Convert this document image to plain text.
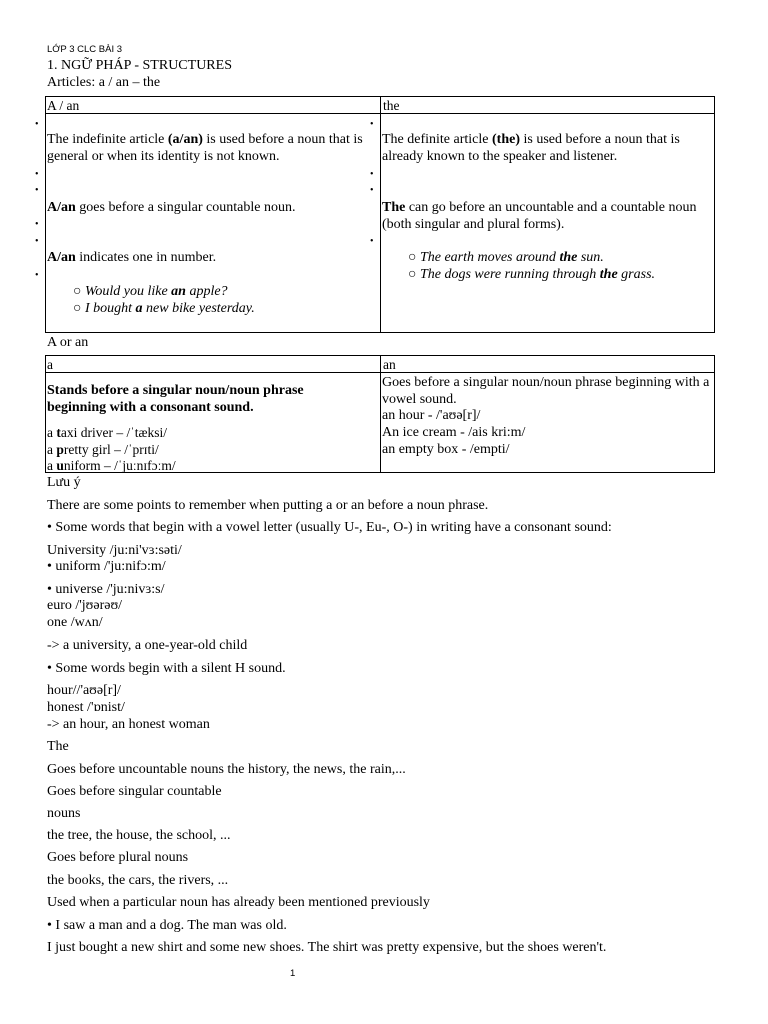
LỚP 3 CLC BÀI 3
1. NGỮ PHÁP - STRUCTURES
Articles: a / an – the
A / an	the
•
•
•
•
•
•
The indefinite article (a/an) is used before a noun that is general or when its identity is not known.
A/an goes before a singular countable noun.
A/an indicates one in number.
○ Would you like an apple?
○ I bought a new bike yesterday.
•
•
•
•
The definite article (the) is used before a noun that is already known to the speaker and listener.
The can go before an uncountable and a countable noun (both singular and plural forms).
○ The earth moves around the sun.
○ The dogs were running through the grass.
A or an
a	an
Stands before a singular noun/noun phrase beginning with a consonant sound.
a taxi driver – /ˈtæksi/
a pretty girl – /ˈprɪti/
a uniform – /ˈjuːnɪfɔːm/
Goes before a singular noun/noun phrase beginning with a vowel sound.
an hour - /'aʊə[r]/
An ice cream - /ais kri:m/
an empty box - /empti/
Lưu ý
There are some points to remember when putting a or an before a noun phrase.
• Some words that begin with a vowel letter (usually U-, Eu-, O-) in writing have a consonant sound:
University /ju:ni'vɜ:səti/
• uniform /'ju:nifɔ:m/
• universe /'ju:nivɜ:s/
euro /'jʊərəʊ/
one /wʌn/
-> a university, a one-year-old child
• Some words begin with a silent H sound.
hour//'aʊə[r]/
honest /'ɒnist/
-> an hour, an honest woman
The
Goes before uncountable nouns the history, the news, the rain,...
Goes before singular countable
nouns
the tree, the house, the school, ...
Goes before plural nouns
the books, the cars, the rivers, ...
Used when a particular noun has already been mentioned previously
• I saw a man and a dog. The man was old.
I just bought a new shirt and some new shoes. The shirt was pretty expensive, but the shoes weren't.
1
